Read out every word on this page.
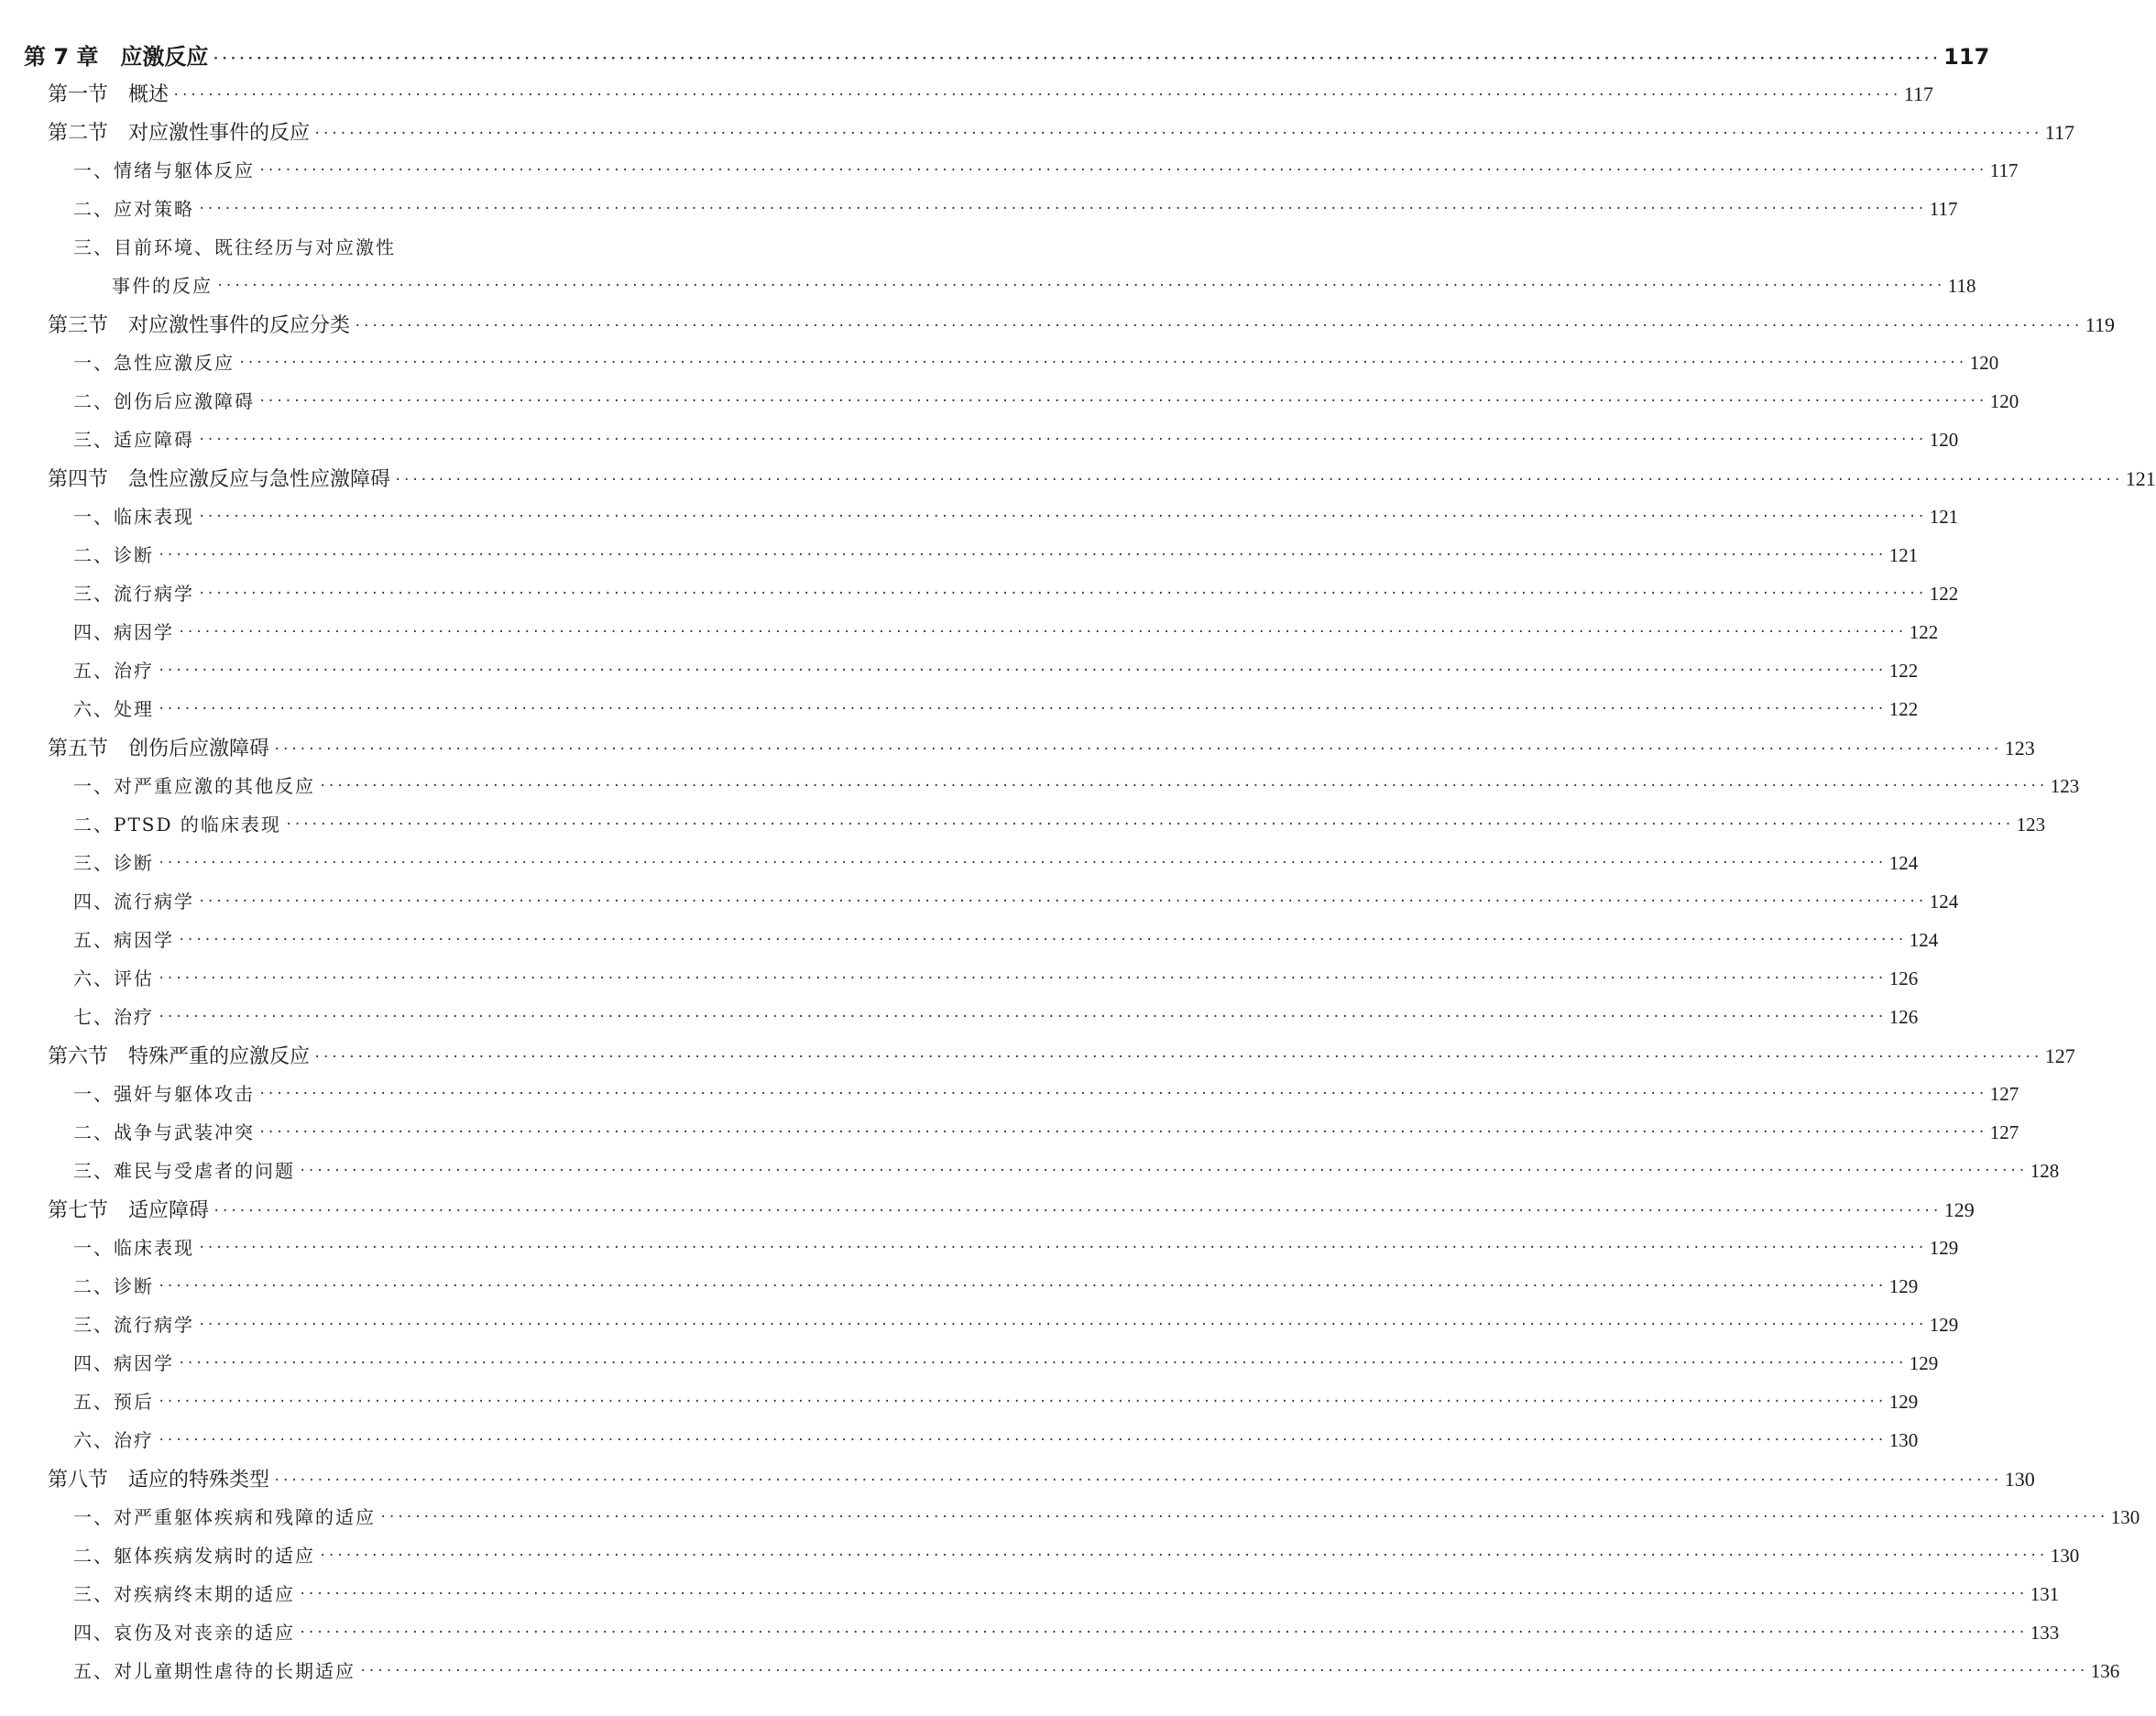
第 7 章　应激反应 ········································································································································································································ 117
第一节　概述 ········································································································································································································ 117
第二节　对应激性事件的反应 ········································································································································································································ 117
一、情绪与躯体反应 ········································································································································································································ 117
二、应对策略 ········································································································································································································ 117
三、目前环境、既往经历与对应激性
事件的反应 ········································································································································································································ 118
第三节　对应激性事件的反应分类 ········································································································································································································ 119
一、急性应激反应 ········································································································································································································ 120
二、创伤后应激障碍 ········································································································································································································ 120
三、适应障碍 ········································································································································································································ 120
第四节　急性应激反应与急性应激障碍 ········································································································································································································ 121
一、临床表现 ········································································································································································································ 121
二、诊断 ········································································································································································································ 121
三、流行病学 ········································································································································································································ 122
四、病因学 ········································································································································································································ 122
五、治疗 ········································································································································································································ 122
六、处理 ········································································································································································································ 122
第五节　创伤后应激障碍 ········································································································································································································ 123
一、对严重应激的其他反应 ········································································································································································································ 123
二、PTSD 的临床表现 ········································································································································································································ 123
三、诊断 ········································································································································································································ 124
四、流行病学 ········································································································································································································ 124
五、病因学 ········································································································································································································ 124
六、评估 ········································································································································································································ 126
七、治疗 ········································································································································································································ 126
第六节　特殊严重的应激反应 ········································································································································································································ 127
一、强奸与躯体攻击 ········································································································································································································ 127
二、战争与武装冲突 ········································································································································································································ 127
三、难民与受虐者的问题 ········································································································································································································ 128
第七节　适应障碍 ········································································································································································································ 129
一、临床表现 ········································································································································································································ 129
二、诊断 ········································································································································································································ 129
三、流行病学 ········································································································································································································ 129
四、病因学 ········································································································································································································ 129
五、预后 ········································································································································································································ 129
六、治疗 ········································································································································································································ 130
第八节　适应的特殊类型 ········································································································································································································ 130
一、对严重躯体疾病和残障的适应 ········································································································································································································ 130
二、躯体疾病发病时的适应 ········································································································································································································ 130
三、对疾病终末期的适应 ········································································································································································································ 131
四、哀伤及对丧亲的适应 ········································································································································································································ 133
五、对儿童期性虐待的长期适应 ········································································································································································································ 136
